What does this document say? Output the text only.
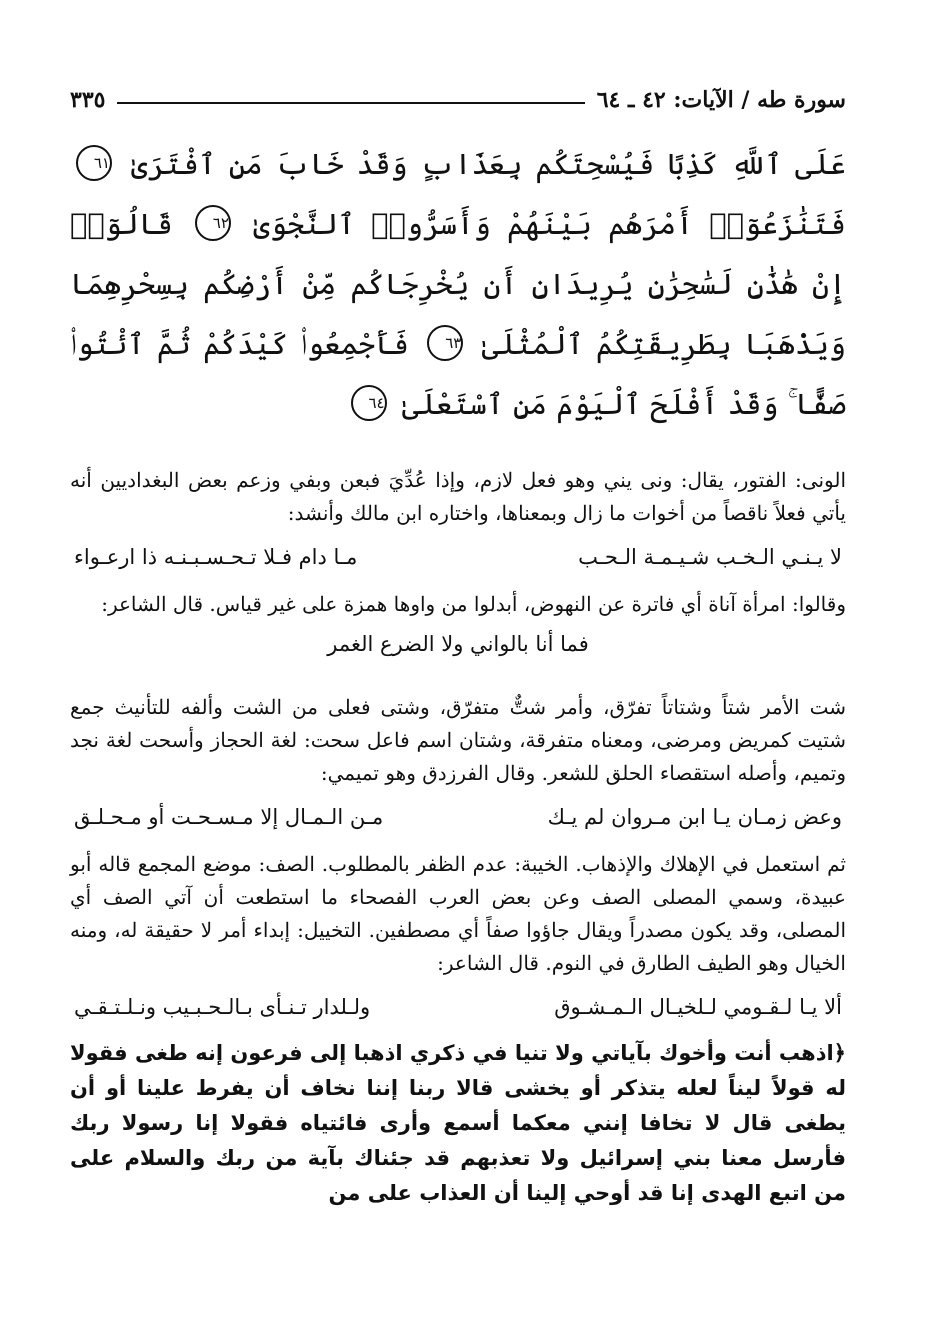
سورة طه / الآيات: ٤٢ ـ ٦٤
٣٣٥
عَلَى ٱللَّهِ كَذِبًا فَيُسْحِتَكُم بِعَذَابٍ وَقَدْ خَابَ مَنِ ٱفْتَرَىٰ ٦١ فَتَنَٰزَعُوٓا۟ أَمْرَهُم بَيْنَهُمْ وَأَسَرُّوا۟ ٱلنَّجْوَىٰ ٦٢ قَالُوٓا۟ إِنْ هَٰذَٰنِ لَسَٰحِرَٰنِ يُرِيدَانِ أَن يُخْرِجَاكُم مِّنْ أَرْضِكُم بِسِحْرِهِمَا وَيَذْهَبَا بِطَرِيقَتِكُمُ ٱلْمُثْلَىٰ ٦٣ فَأَجْمِعُوا۟ كَيْدَكُمْ ثُمَّ ٱئْتُوا۟ صَفًّا ۚ وَقَدْ أَفْلَحَ ٱلْيَوْمَ مَنِ ٱسْتَعْلَىٰ ٦٤

الونى: الفتور، يقال: ونى يني وهو فعل لازم، وإذا عُدِّيَ فبعن وبفي وزعم بعض البغداديين أنه يأتي فعلاً ناقصاً من أخوات ما زال وبمعناها، واختاره ابن مالك وأنشد:

لا يـنـي الـخـب شـيـمـة الـحـب
مـا دام فـلا تـحـسـبـنـه ذا ارعـواء

وقالوا: امرأة آناة أي فاترة عن النهوض، أبدلوا من واوها همزة على غير قياس. قال الشاعر:

فما أنا بالواني ولا الضرع الغمر

شت الأمر شتاً وشتاتاً تفرّق، وأمر شتٌّ متفرّق، وشتى فعلى من الشت وألفه للتأنيث جمع شتيت كمريض ومرضى، ومعناه متفرقة، وشتان اسم فاعل سحت: لغة الحجاز وأسحت لغة نجد وتميم، وأصله استقصاء الحلق للشعر. وقال الفرزدق وهو تميمي:

وعض زمـان يـا ابن مـروان لم يـك
مـن الـمـال إلا مـسـحـت أو مـحـلـق

ثم استعمل في الإهلاك والإذهاب. الخيبة: عدم الظفر بالمطلوب. الصف: موضع المجمع قاله أبو عبيدة، وسمي المصلى الصف وعن بعض العرب الفصحاء ما استطعت أن آتي الصف أي المصلى، وقد يكون مصدراً ويقال جاؤوا صفاً أي مصطفين. التخييل: إبداء أمر لا حقيقة له، ومنه الخيال وهو الطيف الطارق في النوم. قال الشاعر:

ألا يـا لـقـومي لـلخيـال الـمـشـوق
ولـلدار تـنـأى بـالـحـبـيب ونـلـتـقـي

﴿اذهب أنت وأخوك بآياتي ولا تنيا في ذكري اذهبا إلى فرعون إنه طغى فقولا له قولاً ليناً لعله يتذكر أو يخشى قالا ربنا إننا نخاف أن يفرط علينا أو أن يطغى قال لا تخافا إنني معكما أسمع وأرى فائتياه فقولا إنا رسولا ربك فأرسل معنا بني إسرائيل ولا تعذبهم قد جئناك بآية من ربك والسلام على من اتبع الهدى إنا قد أوحي إلينا أن العذاب على من
